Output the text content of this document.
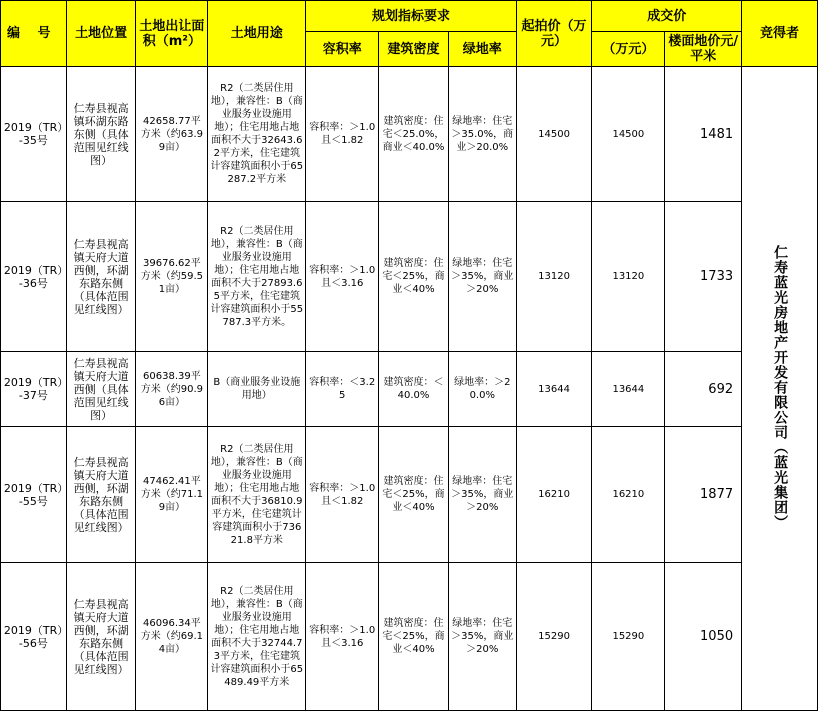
编　 号	土地位置	土地出让面积（m²）	土地用途	规划指标要求			起拍价（万元）	成交价		竞得者
				容积率	建筑密度	绿地率		（万元）	楼面地价元/平米	
2019（TR）-35号	仁寿县视高镇环湖东路东侧（具体范围见红线图）	42658.77平方米（约63.99亩）	R2（二类居住用地），兼容性：B（商业服务业设施用地）；住宅用地占地面积不大于32643.62平方米，住宅建筑计容建筑面积小于65287.2平方米	容积率：＞1.0且＜1.82	建筑密度：住宅＜25.0%，商业＜40.0%	绿地率：住宅＞35.0%，商业＞20.0%	14500	14500	1481	仁寿蓝光房地产开发有限公司（蓝光集团）
2019（TR）-36号	仁寿县视高镇天府大道西侧，环湖东路东侧（具体范围见红线图）	39676.62平方米（约59.51亩）	R2（二类居住用地），兼容性：B（商业服务业设施用地）；住宅用地占地面积不大于27893.65平方米，住宅建筑计容建筑面积小于55787.3平方米。	容积率：＞1.0且＜3.16	建筑密度：住宅＜25%，商业＜40%	绿地率：住宅＞35%，商业＞20%	13120	13120	1733	
2019（TR）-37号	仁寿县视高镇天府大道西侧（具体范围见红线图）	60638.39平方米（约90.96亩）	B（商业服务业设施用地）	容积率：＜3.25	建筑密度：＜40.0%	绿地率：＞20.0%	13644	13644	692	
2019（TR）-55号	仁寿县视高镇天府大道西侧，环湖东路东侧（具体范围见红线图）	47462.41平方米（约71.19亩）	R2（二类居住用地），兼容性：B（商业服务业设施用地）；住宅用地占地面积不大于36810.9平方米，住宅建筑计容建筑面积小于73621.8平方米	容积率：＞1.0且＜1.82	建筑密度：住宅＜25%，商业＜40%	绿地率：住宅＞35%，商业＞20%	16210	16210	1877	
2019（TR）-56号	仁寿县视高镇天府大道西侧，环湖东路东侧（具体范围见红线图）	46096.34平方米（约69.14亩）	R2（二类居住用地），兼容性：B（商业服务业设施用地）；住宅用地占地面积不大于32744.73平方米，住宅建筑计容建筑面积小于65489.49平方米	容积率：＞1.0且＜3.16	建筑密度：住宅＜25%，商业＜40%	绿地率：住宅＞35%，商业＞20%	15290	15290	1050	
